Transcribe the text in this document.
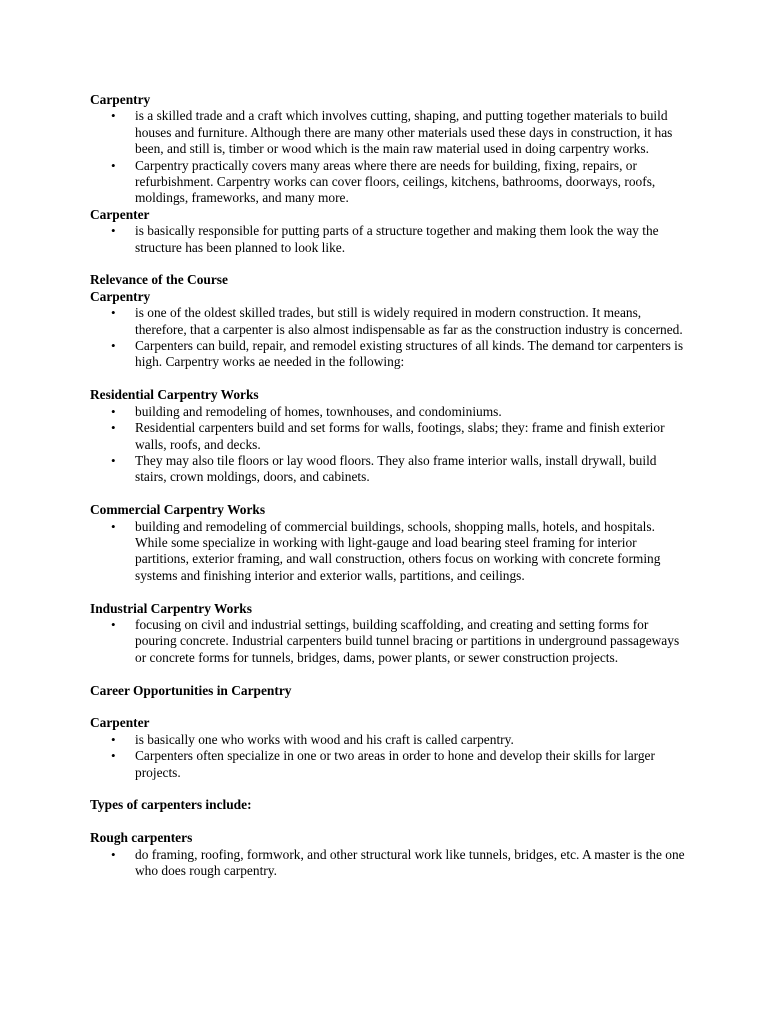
Carpentry

• is a skilled trade and a craft which involves cutting, shaping, and putting together materials to build houses and furniture. Although there are many other materials used these days in construction, it has been, and still is, timber or wood which is the main raw material used in doing carpentry works.
• Carpentry practically covers many areas where there are needs for building, fixing, repairs, or refurbishment. Carpentry works can cover floors, ceilings, kitchens, bathrooms, doorways, roofs, moldings, frameworks, and many more.

Carpenter

• is basically responsible for putting parts of a structure together and making them look the way the structure has been planned to look like.

Relevance of the Course

Carpentry

• is one of the oldest skilled trades, but still is widely required in modern construction. It means, therefore, that a carpenter is also almost indispensable as far as the construction industry is concerned.
• Carpenters can build, repair, and remodel existing structures of all kinds. The demand tor carpenters is high. Carpentry works ae needed in the following:

Residential Carpentry Works

• building and remodeling of homes, townhouses, and condominiums.
• Residential carpenters build and set forms for walls, footings, slabs; they: frame and finish exterior walls, roofs, and decks.
• They may also tile floors or lay wood floors. They also frame interior walls, install drywall, build stairs, crown moldings, doors, and cabinets.

Commercial Carpentry Works

• building and remodeling of commercial buildings, schools, shopping malls, hotels, and hospitals. While some specialize in working with light-gauge and load bearing steel framing for interior partitions, exterior framing, and wall construction, others focus on working with concrete forming systems and finishing interior and exterior walls, partitions, and ceilings.

Industrial Carpentry Works

• focusing on civil and industrial settings, building scaffolding, and creating and setting forms for pouring concrete. Industrial carpenters build tunnel bracing or partitions in underground passageways or concrete forms for tunnels, bridges, dams, power plants, or sewer construction projects.

Career Opportunities in Carpentry

Carpenter

• is basically one who works with wood and his craft is called carpentry.
• Carpenters often specialize in one or two areas in order to hone and develop their skills for larger projects.

Types of carpenters include:

Rough carpenters

• do framing, roofing, formwork, and other structural work like tunnels, bridges, etc. A master is the one who does rough carpentry.
